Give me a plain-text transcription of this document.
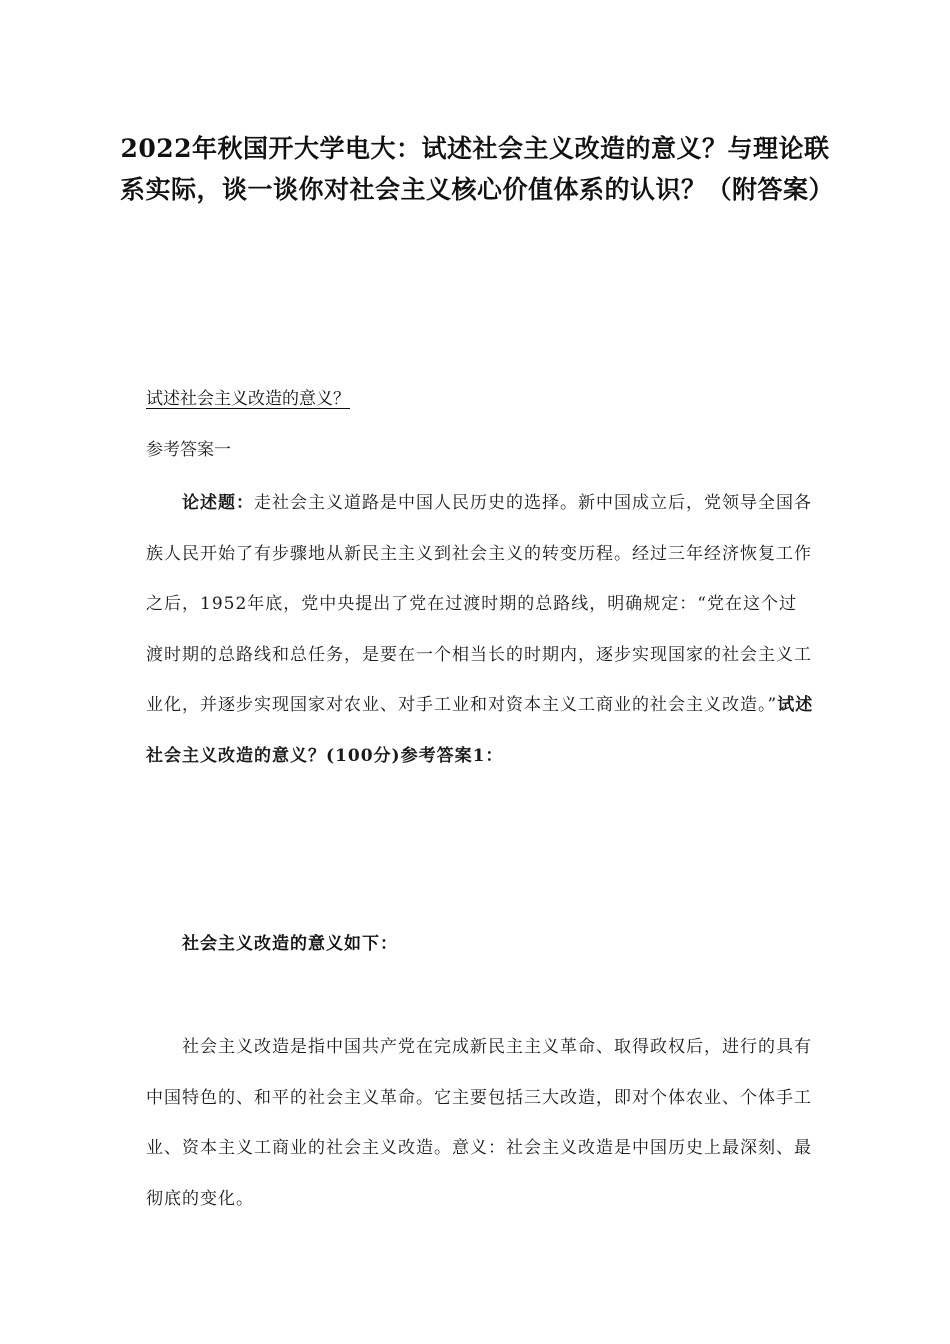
2022年秋国开大学电大：试述社会主义改造的意义？与理论联系实际，谈一谈你对社会主义核心价值体系的认识？（附答案）
试述社会主义改造的意义？

参考答案一

论述题：走社会主义道路是中国人民历史的选择。新中国成立后，党领导全国各族人民开始了有步骤地从新民主主义到社会主义的转变历程。经过三年经济恢复工作之后，1952年底，党中央提出了党在过渡时期的总路线，明确规定：“党在这个过渡时期的总路线和总任务，是要在一个相当长的时期内，逐步实现国家的社会主义工业化，并逐步实现国家对农业、对手工业和对资本主义工商业的社会主义改造。”试述社会主义改造的意义？(100分)参考答案1：

社会主义改造的意义如下：

社会主义改造是指中国共产党在完成新民主主义革命、取得政权后，进行的具有中国特色的、和平的社会主义革命。它主要包括三大改造，即对个体农业、个体手工业、资本主义工商业的社会主义改造。意义：社会主义改造是中国历史上最深刻、最彻底的变化。
